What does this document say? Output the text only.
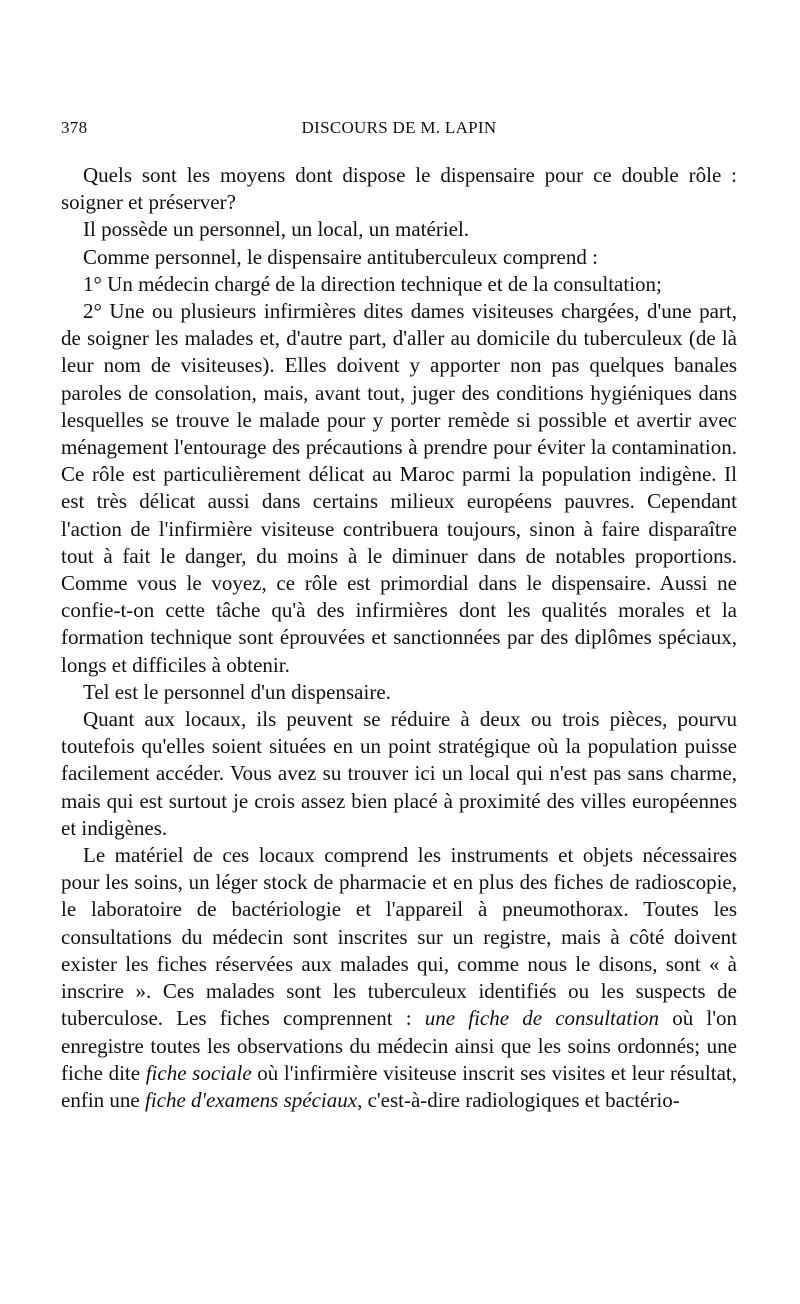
378	DISCOURS DE M. LAPIN

Quels sont les moyens dont dispose le dispensaire pour ce double rôle : soigner et préserver?

Il possède un personnel, un local, un matériel.

Comme personnel, le dispensaire antituberculeux comprend :

1° Un médecin chargé de la direction technique et de la consultation;

2° Une ou plusieurs infirmières dites dames visiteuses chargées, d'une part, de soigner les malades et, d'autre part, d'aller au domicile du tuberculeux (de là leur nom de visiteuses). Elles doivent y apporter non pas quelques banales paroles de consolation, mais, avant tout, juger des conditions hygiéniques dans lesquelles se trouve le malade pour y porter remède si possible et avertir avec ménagement l'entourage des précautions à prendre pour éviter la contamination. Ce rôle est particulièrement délicat au Maroc parmi la population indigène. Il est très délicat aussi dans certains milieux européens pauvres. Cependant l'action de l'infirmière visiteuse contribuera toujours, sinon à faire disparaître tout à fait le danger, du moins à le diminuer dans de notables proportions. Comme vous le voyez, ce rôle est primordial dans le dispensaire. Aussi ne confie-t-on cette tâche qu'à des infirmières dont les qualités morales et la formation technique sont éprouvées et sanctionnées par des diplômes spéciaux, longs et difficiles à obtenir.

Tel est le personnel d'un dispensaire.

Quant aux locaux, ils peuvent se réduire à deux ou trois pièces, pourvu toutefois qu'elles soient situées en un point stratégique où la population puisse facilement accéder. Vous avez su trouver ici un local qui n'est pas sans charme, mais qui est surtout je crois assez bien placé à proximité des villes européennes et indigènes.

Le matériel de ces locaux comprend les instruments et objets nécessaires pour les soins, un léger stock de pharmacie et en plus des fiches de radioscopie, le laboratoire de bactériologie et l'appareil à pneumothorax. Toutes les consultations du médecin sont inscrites sur un registre, mais à côté doivent exister les fiches réservées aux malades qui, comme nous le disons, sont « à inscrire ». Ces malades sont les tuberculeux identifiés ou les suspects de tuberculose. Les fiches comprennent : une fiche de consultation où l'on enregistre toutes les observations du médecin ainsi que les soins ordonnés; une fiche dite fiche sociale où l'infirmière visiteuse inscrit ses visites et leur résultat, enfin une fiche d'examens spéciaux, c'est-à-dire radiologiques et bactério-
